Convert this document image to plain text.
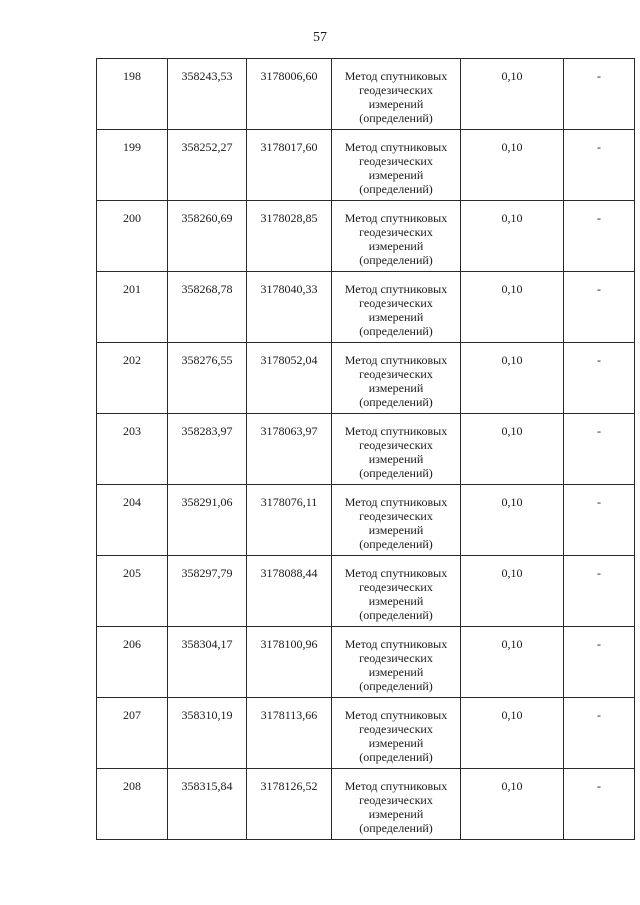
57
198	358243,53	3178006,60	Метод спутниковых
геодезических
измерений
(определений)	0,10	-
199	358252,27	3178017,60	Метод спутниковых
геодезических
измерений
(определений)	0,10	-
200	358260,69	3178028,85	Метод спутниковых
геодезических
измерений
(определений)	0,10	-
201	358268,78	3178040,33	Метод спутниковых
геодезических
измерений
(определений)	0,10	-
202	358276,55	3178052,04	Метод спутниковых
геодезических
измерений
(определений)	0,10	-
203	358283,97	3178063,97	Метод спутниковых
геодезических
измерений
(определений)	0,10	-
204	358291,06	3178076,11	Метод спутниковых
геодезических
измерений
(определений)	0,10	-
205	358297,79	3178088,44	Метод спутниковых
геодезических
измерений
(определений)	0,10	-
206	358304,17	3178100,96	Метод спутниковых
геодезических
измерений
(определений)	0,10	-
207	358310,19	3178113,66	Метод спутниковых
геодезических
измерений
(определений)	0,10	-
208	358315,84	3178126,52	Метод спутниковых
геодезических
измерений
(определений)	0,10	-
